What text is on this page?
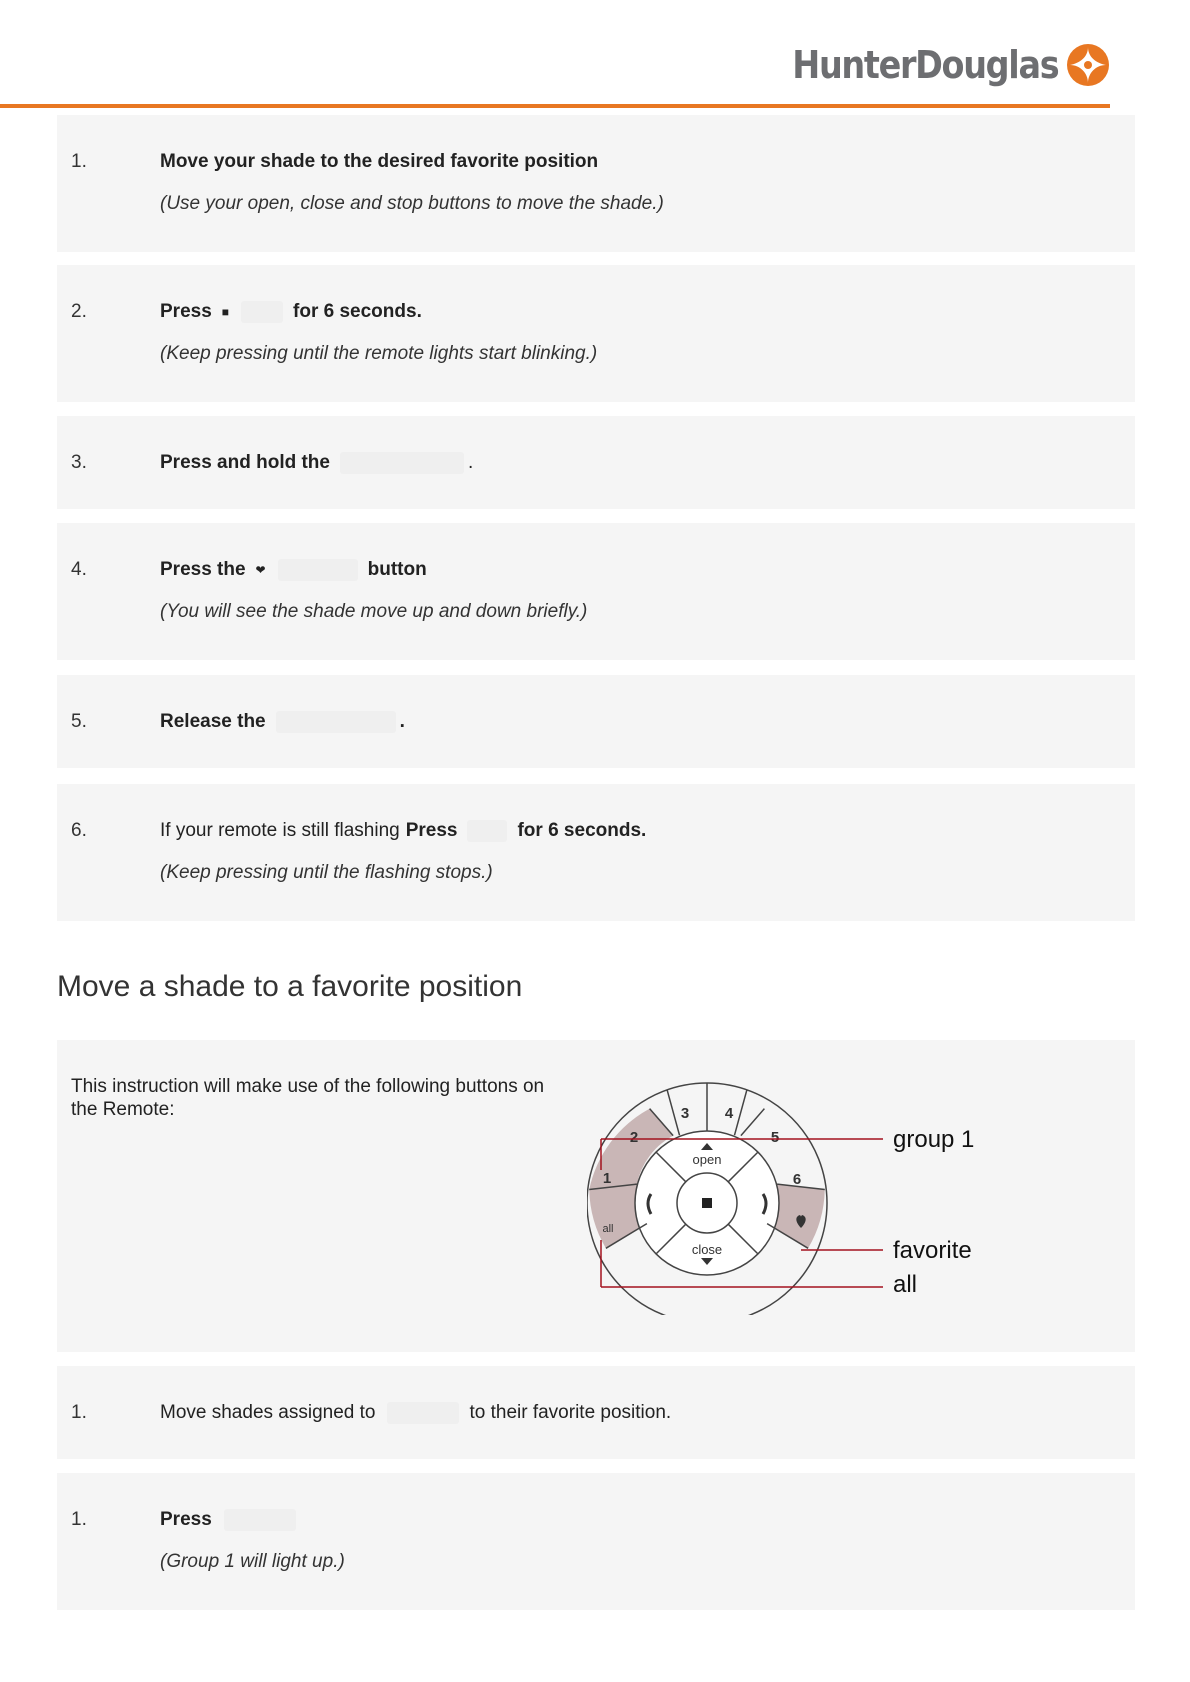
HunterDouglas
1.	Move your shade to the desired favorite position
(Use your open, close and stop buttons to move the shade.)
2.	Press ■	for 6 seconds.
(Keep pressing until the remote lights start blinking.)
3.	Press and hold the	.
4.	Press the ❤	button
(You will see the shade move up and down briefly.)
5.	Release the	.
6.	If your remote is still flashing Press	for 6 seconds.
(Keep pressing until the flashing stops.)
Move a shade to a favorite position
This instruction will make use of the following buttons on the Remote:
2
3 4
5
6
1
all
open
close
group 1
favorite
all
1.	Move shades assigned to	to their favorite position.
1.	Press
(Group 1 will light up.)
